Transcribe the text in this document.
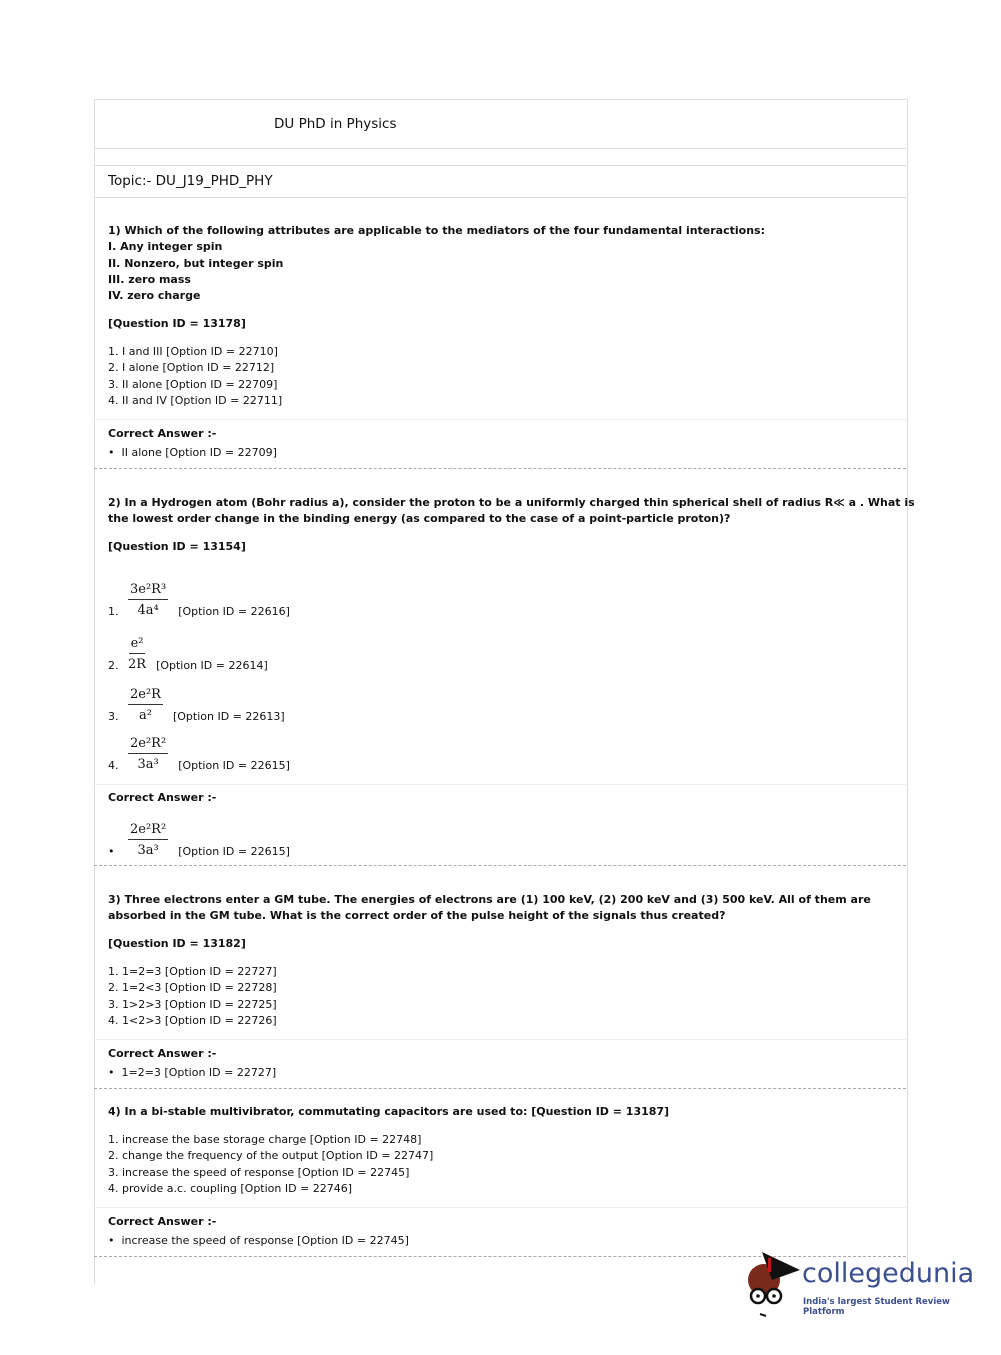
DU PhD in Physics
Topic:- DU_J19_PHD_PHY
1) Which of the following attributes are applicable to the mediators of the four fundamental interactions:
I. Any integer spin
II. Nonzero, but integer spin
III. zero mass
IV. zero charge
[Question ID = 13178]
1. I and III [Option ID = 22710]
2. I alone [Option ID = 22712]
3. II alone [Option ID = 22709]
4. II and IV [Option ID = 22711]
Correct Answer :-
•  II alone [Option ID = 22709]
2) In a Hydrogen atom (Bohr radius a), consider the proton to be a uniformly charged thin spherical shell of radius R≪ a . What is
the lowest order change in the binding energy (as compared to the case of a point-particle proton)?
[Question ID = 13154]
1. $\frac{\text{3e²R³}}{\text{4a⁴}}$ [Option ID = 22616]
2. $\frac{\text{e²}}{2R}$ [Option ID = 22614]
3. $\frac{\text{2e²R}}{\text{a²}}$ [Option ID = 22613]
4. $\frac{\text{2e²R²}}{\text{3a³}}$ [Option ID = 22615]
Correct Answer :-
•	$\frac{\text{2e²R²}}{\text{3a³}}$ [Option ID = 22615]
3) Three electrons enter a GM tube. The energies of electrons are (1) 100 keV, (2) 200 keV and (3) 500 keV. All of them are
absorbed in the GM tube. What is the correct order of the pulse height of the signals thus created?
[Question ID = 13182]
1. 1=2=3 [Option ID = 22727]
2. 1=2<3 [Option ID = 22728]
3. 1>2>3 [Option ID = 22725]
4. 1<2>3 [Option ID = 22726]
Correct Answer :-
•  1=2=3 [Option ID = 22727]
4) In a bi-stable multivibrator, commutating capacitors are used to: [Question ID = 13187]
1. increase the base storage charge [Option ID = 22748]
2. change the frequency of the output [Option ID = 22747]
3. increase the speed of response [Option ID = 22745]
4. provide a.c. coupling [Option ID = 22746]
Correct Answer :-
•  increase the speed of response [Option ID = 22745]
collegedunia
India's largest Student Review Platform
